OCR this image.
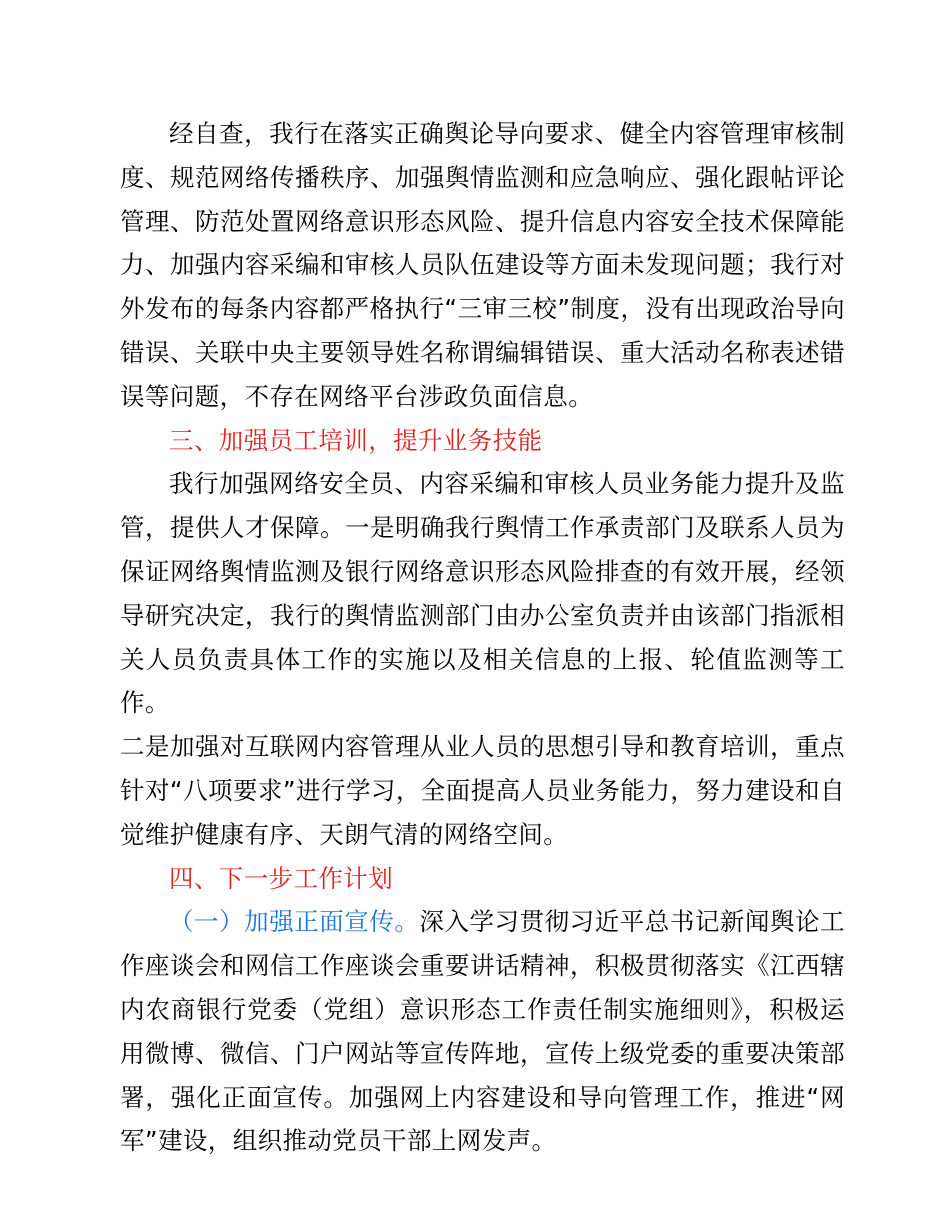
经自查，我行在落实正确舆论导向要求、健全内容管理审核制度、规范网络传播秩序、加强舆情监测和应急响应、强化跟帖评论管理、防范处置网络意识形态风险、提升信息内容安全技术保障能力、加强内容采编和审核人员队伍建设等方面未发现问题；我行对外发布的每条内容都严格执行“三审三校”制度，没有出现政治导向错误、关联中央主要领导姓名称谓编辑错误、重大活动名称表述错误等问题，不存在网络平台涉政负面信息。

三、加强员工培训，提升业务技能

我行加强网络安全员、内容采编和审核人员业务能力提升及监管，提供人才保障。一是明确我行舆情工作承责部门及联系人员为保证网络舆情监测及银行网络意识形态风险排查的有效开展，经领导研究决定，我行的舆情监测部门由办公室负责并由该部门指派相关人员负责具体工作的实施以及相关信息的上报、轮值监测等工作。

二是加强对互联网内容管理从业人员的思想引导和教育培训，重点针对“八项要求”进行学习，全面提高人员业务能力，努力建设和自觉维护健康有序、天朗气清的网络空间。

四、下一步工作计划

（一）加强正面宣传。深入学习贯彻习近平总书记新闻舆论工作座谈会和网信工作座谈会重要讲话精神，积极贯彻落实《江西辖内农商银行党委（党组）意识形态工作责任制实施细则》，积极运用微博、微信、门户网站等宣传阵地，宣传上级党委的重要决策部署，强化正面宣传。加强网上内容建设和导向管理工作，推进“网军”建设，组织推动党员干部上网发声。
